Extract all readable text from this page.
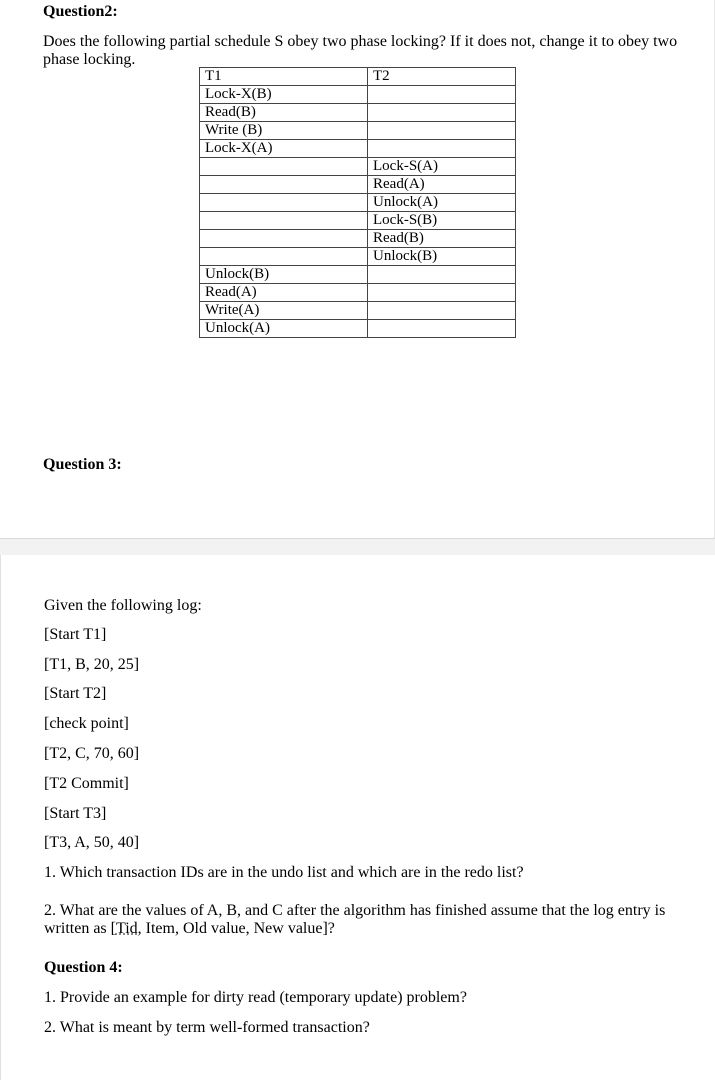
Question2:
Does the following partial schedule S obey two phase locking? If it does not, change it to obey two phase locking.
T1	T2
Lock-X(B)	
Read(B)	
Write (B)	
Lock-X(A)	
	Lock-S(A)
	Read(A)
	Unlock(A)
	Lock-S(B)
	Read(B)
	Unlock(B)
Unlock(B)	
Read(A)	
Write(A)	
Unlock(A)	
Question 3:
Given the following log:
[Start T1]
[T1, B, 20, 25]
[Start T2]
[check point]
[T2, C, 70, 60]
[T2 Commit]
[Start T3]
[T3, A, 50, 40]
1. Which transaction IDs are in the undo list and which are in the redo list?
2. What are the values of A, B, and C after the algorithm has finished assume that the log entry is written as [Tid, Item, Old value, New value]?
Question 4:
1. Provide an example for dirty read (temporary update) problem?
2. What is meant by term well-formed transaction?
